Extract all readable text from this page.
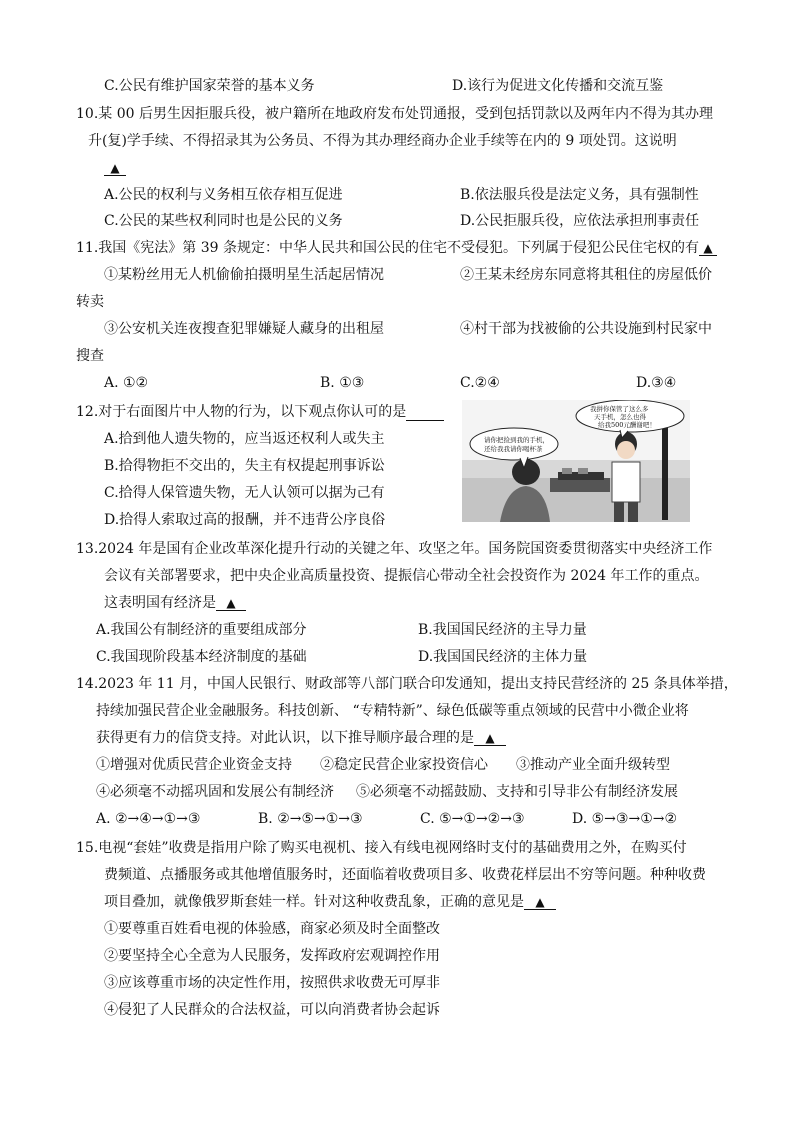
C.公民有维护国家荣誉的基本义务	D.该行为促进文化传播和交流互鉴
10.某 00 后男生因拒服兵役，被户籍所在地政府发布处罚通报，受到包括罚款以及两年内不得为其办理
升(复)学手续、不得招录其为公务员、不得为其办理经商办企业手续等在内的 9 项处罚。这说明
▲
A.公民的权利与义务相互依存相互促进	B.依法服兵役是法定义务，具有强制性
C.公民的某些权利同时也是公民的义务	D.公民拒服兵役，应依法承担刑事责任
11.我国《宪法》第 39 条规定：中华人民共和国公民的住宅不受侵犯。下列属于侵犯公民住宅权的有 ▲
①某粉丝用无人机偷偷拍摄明星生活起居情况	②王某未经房东同意将其租住的房屋低价
转卖
③公安机关连夜搜查犯罪嫌疑人藏身的出租屋	④村干部为找被偷的公共设施到村民家中
搜查
A. ①②	B. ①③	C.②④	D.③④
12.对于右面图片中人物的行为，以下观点你认可的是
A.拾到他人遗失物的，应当返还权利人或失主
B.拾得物拒不交出的，失主有权提起刑事诉讼
C.拾得人保管遗失物，无人认领可以据为己有
D.拾得人索取过高的报酬，并不违背公序良俗
请你把捡到我的手机，
还给我我请你喝杯茶
我拼你保管了这么多
天手机，怎么也得
给我500元酬谢吧！
13.2024 年是国有企业改革深化提升行动的关键之年、攻坚之年。国务院国资委贯彻落实中央经济工作
会议有关部署要求，把中央企业高质量投资、提振信心带动全社会投资作为 2024 年工作的重点。
这表明国有经济是 ▲
A.我国公有制经济的重要组成部分	B.我国国民经济的主导力量
C.我国现阶段基本经济制度的基础	D.我国国民经济的主体力量
14.2023 年 11 月，中国人民银行、财政部等八部门联合印发通知，提出支持民营经济的 25 条具体举措，
持续加强民营企业金融服务。科技创新、 “专精特新”、绿色低碳等重点领域的民营中小微企业将
获得更有力的信贷支持。对此认识，以下推导顺序最合理的是 ▲
①增强对优质民营企业资金支持 ②稳定民营企业家投资信心 ③推动产业全面升级转型
④必须毫不动摇巩固和发展公有制经济 ⑤必须毫不动摇鼓励、支持和引导非公有制经济发展
A. ②→④→①→③	B. ②→⑤→①→③	C. ⑤→①→②→③	D. ⑤→③→①→②
15.电视“套娃”收费是指用户除了购买电视机、接入有线电视网络时支付的基础费用之外，在购买付
费频道、点播服务或其他增值服务时，还面临着收费项目多、收费花样层出不穷等问题。种种收费
项目叠加，就像俄罗斯套娃一样。针对这种收费乱象，正确的意见是 ▲
①要尊重百姓看电视的体验感，商家必须及时全面整改
②要坚持全心全意为人民服务，发挥政府宏观调控作用
③应该尊重市场的决定性作用，按照供求收费无可厚非
④侵犯了人民群众的合法权益，可以向消费者协会起诉
